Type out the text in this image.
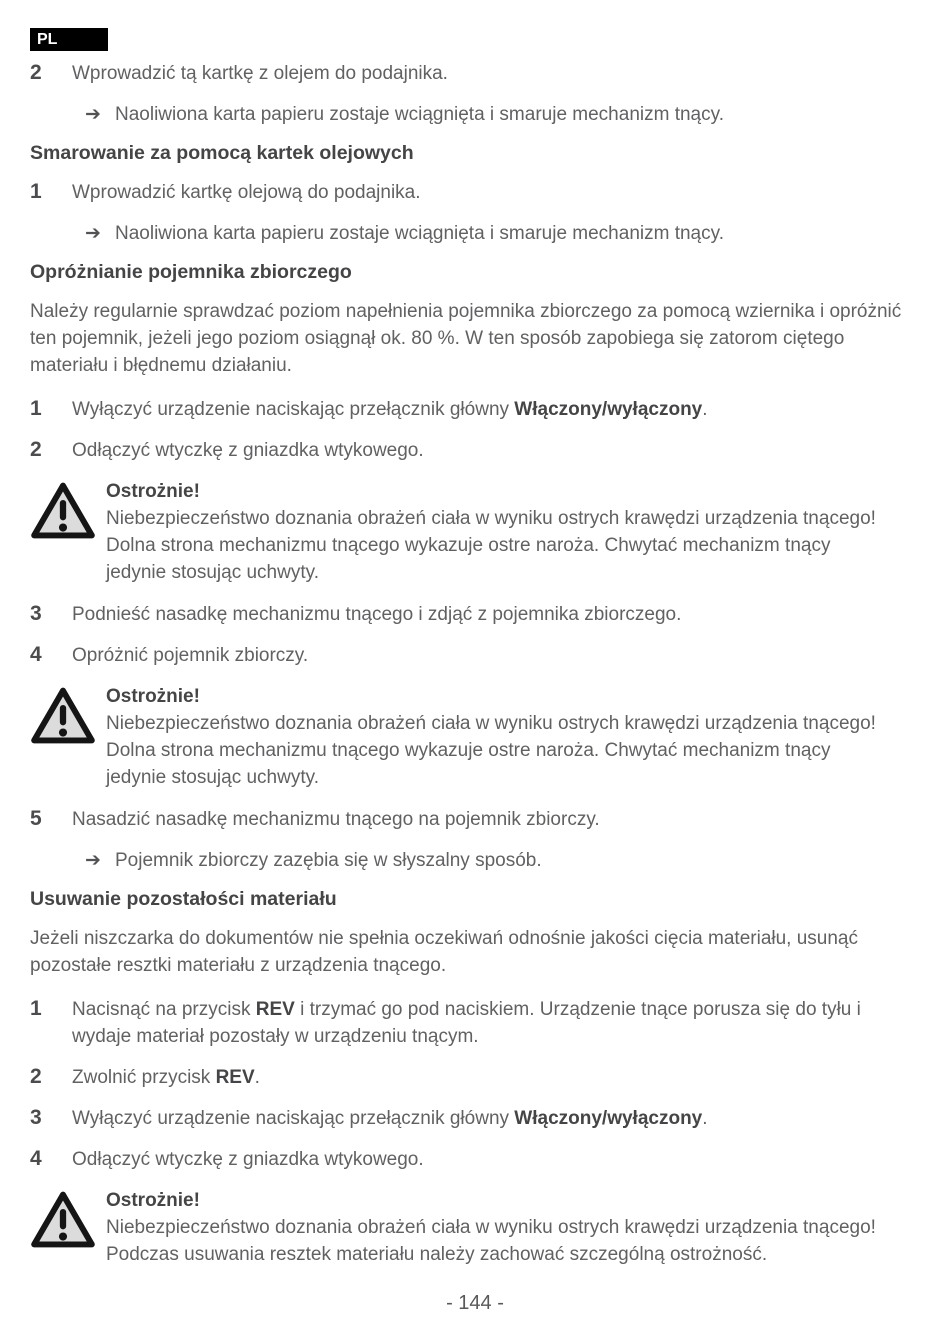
PL
2	Wprowadzić tą kartkę z olejem do podajnika.

➔ Naoliwiona karta papieru zostaje wciągnięta i smaruje mechanizm tnący.

Smarowanie za pomocą kartek olejowych
1	Wprowadzić kartkę olejową do podajnika.

➔ Naoliwiona karta papieru zostaje wciągnięta i smaruje mechanizm tnący.

Opróżnianie pojemnika zbiorczego

Należy regularnie sprawdzać poziom napełnienia pojemnika zbiorczego za pomocą wziernika i opróżnić ten pojemnik, jeżeli jego poziom osiągnął ok. 80 %. W ten sposób zapobiega się zatorom ciętego materiału i błędnemu działaniu.

1	Wyłączyć urządzenie naciskając przełącznik główny Włączony/wyłączony.

2	Odłączyć wtyczkę z gniazdka wtykowego.

Ostrożnie!

Niebezpieczeństwo doznania obrażeń ciała w wyniku ostrych krawędzi urządzenia tnącego! Dolna strona mechanizmu tnącego wykazuje ostre naroża. Chwytać mechanizm tnący jedynie stosując uchwyty.

3	Podnieść nasadkę mechanizmu tnącego i zdjąć z pojemnika zbiorczego.

4	Opróżnić pojemnik zbiorczy.

Ostrożnie!

Niebezpieczeństwo doznania obrażeń ciała w wyniku ostrych krawędzi urządzenia tnącego! Dolna strona mechanizmu tnącego wykazuje ostre naroża. Chwytać mechanizm tnący jedynie stosując uchwyty.

5	Nasadzić nasadkę mechanizmu tnącego na pojemnik zbiorczy.

➔ Pojemnik zbiorczy zazębia się w słyszalny sposób.

Usuwanie pozostałości materiału

Jeżeli niszczarka do dokumentów nie spełnia oczekiwań odnośnie jakości cięcia materiału, usunąć pozostałe resztki materiału z urządzenia tnącego.

1	Nacisnąć na przycisk REV i trzymać go pod naciskiem. Urządzenie tnące porusza się do tyłu i wydaje materiał pozostały w urządzeniu tnącym.

2	Zwolnić przycisk REV.

3	Wyłączyć urządzenie naciskając przełącznik główny Włączony/wyłączony.

4	Odłączyć wtyczkę z gniazdka wtykowego.

Ostrożnie!

Niebezpieczeństwo doznania obrażeń ciała w wyniku ostrych krawędzi urządzenia tnącego! Podczas usuwania resztek materiału należy zachować szczególną ostrożność.

- 144 -
